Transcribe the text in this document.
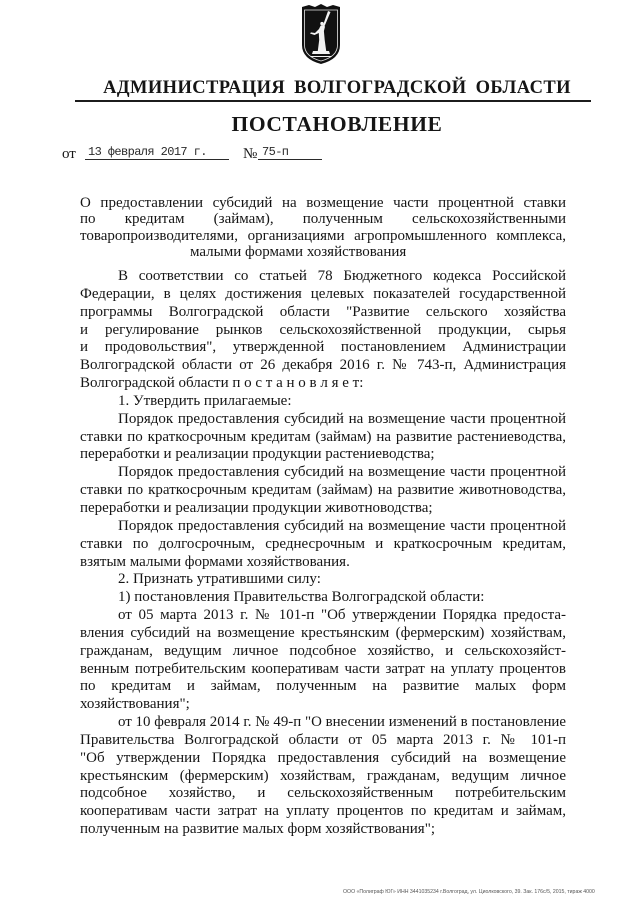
АДМИНИСТРАЦИЯ ВОЛГОГРАДСКОЙ ОБЛАСТИ
ПОСТАНОВЛЕНИЕ
от 13 февраля 2017 г.	№ 75-п
О предоставлении субсидий на возмещение части процентной ставки
по кредитам (займам), полученным сельскохозяйственными
товаропроизводителями, организациями агропромышленного комплекса,
малыми формами хозяйствования
В соответствии со статьей 78 Бюджетного кодекса Российской
Федерации, в целях достижения целевых показателей государственной
программы Волгоградской области "Развитие сельского хозяйства
и регулирование рынков сельскохозяйственной продукции, сырья
и продовольствия", утвержденной постановлением Администрации
Волгоградской области от 26 декабря 2016 г. № 743-п, Администрация
Волгоградской области п о с т а н о в л я е т:
1. Утвердить прилагаемые:
Порядок предоставления субсидий на возмещение части процентной
ставки по краткосрочным кредитам (займам) на развитие растениеводства,
переработки и реализации продукции растениеводства;
Порядок предоставления субсидий на возмещение части процентной
ставки по краткосрочным кредитам (займам) на развитие животноводства,
переработки и реализации продукции животноводства;
Порядок предоставления субсидий на возмещение части процентной
ставки по долгосрочным, среднесрочным и краткосрочным кредитам,
взятым малыми формами хозяйствования.
2. Признать утратившими силу:
1) постановления Правительства Волгоградской области:
от 05 марта 2013 г. № 101-п "Об утверждении Порядка предоста-
вления субсидий на возмещение крестьянским (фермерским) хозяйствам,
гражданам, ведущим личное подсобное хозяйство, и сельскохозяйст-
венным потребительским кооперативам части затрат на уплату процентов
по кредитам и займам, полученным на развитие малых форм
хозяйствования";
от 10 февраля 2014 г. № 49-п "О внесении изменений в постановление
Правительства Волгоградской области от 05 марта 2013 г. № 101-п
"Об утверждении Порядка предоставления субсидий на возмещение
крестьянским (фермерским) хозяйствам, гражданам, ведущим личное
подсобное хозяйство, и сельскохозяйственным потребительским
кооперативам части затрат на уплату процентов по кредитам и займам,
полученным на развитие малых форм хозяйствования";
ООО «Полиграф ЮГ» ИНН 3441035234 г.Волгоград, ул. Циолковского, 39. Зак. 176с/5, 2015, тираж 4000
